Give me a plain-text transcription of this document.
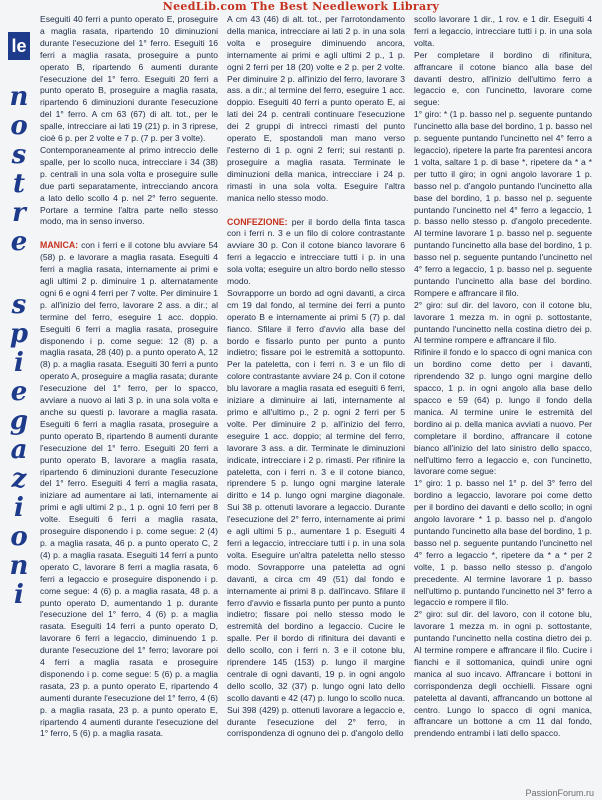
NeedLib.com The Best Needlework Library
le
n
o
s
t
r
e
s
p
i
e
g
a
z
i
o
n
i

Eseguiti 40 ferri a punto operato E, proseguire a maglia rasata, ripartendo 10 diminuzioni durante l'esecuzione del 1° ferro. Eseguiti 16 ferri a maglia rasata, proseguire a punto operato B, ripartendo 6 aumenti durante l'esecuzione del 1° ferro. Eseguiti 20 ferri a punto operato B, proseguire a maglia rasata, ripartendo 6 diminuzioni durante l'esecuzione del 1° ferro. A cm 63 (67) di alt. tot., per le spalle, intrecciare ai lati 19 (21) p. in 3 riprese, cioè 6 p. per 2 volte e 7 p. (7 p. per 3 volte).

Contemporaneamente al primo intreccio delle spalle, per lo scollo nuca, intrecciare i 34 (38) p. centrali in una sola volta e proseguire sulle due parti separatamente, intrecciando ancora a lato dello scollo 4 p. nel 2° ferro seguente. Portare a termine l'altra parte nello stesso modo, ma in senso inverso.

MANICA: con i ferri e il cotone blu avviare 54 (58) p. e lavorare a maglia rasata. Eseguiti 4 ferri a maglia rasata, internamente ai primi e agli ultimi 2 p. diminuire 1 p. alternatamente ogni 6 e ogni 4 ferri per 7 volte. Per diminuire 1 p. all'inizio del ferro, lavorare 2 ass. a dir.; al termine del ferro, eseguire 1 acc. doppio. Eseguiti 6 ferri a maglia rasata, proseguire disponendo i p. come segue: 12 (8) p. a maglia rasata, 28 (40) p. a punto operato A, 12 (8) p. a maglia rasata. Eseguiti 30 ferri a punto operato A, proseguire a maglia rasata; durante l'esecuzione del 1° ferro, per lo spacco, avviare a nuovo ai lati 3 p. in una sola volta e anche su questi p. lavorare a maglia rasata. Eseguiti 6 ferri a maglia rasata, proseguire a punto operato B, ripartendo 8 aumenti durante l'esecuzione del 1° ferro. Eseguiti 20 ferri a punto operato B, lavorare a maglia rasata, ripartendo 6 diminuzioni durante l'esecuzione del 1° ferro. Eseguiti 4 ferri a maglia rasata, iniziare ad aumentare ai lati, internamente ai primi e agli ultimi 2 p., 1 p. ogni 10 ferri per 8 volte. Eseguiti 6 ferri a maglia rasata, proseguire disponendo i p. come segue: 2 (4) p. a maglia rasata, 46 p. a punto operato C, 2 (4) p. a maglia rasata. Eseguiti 14 ferri a punto operato C, lavorare 8 ferri a maglia rasata, 6 ferri a legaccio e proseguire disponendo i p. come segue: 4 (6) p. a maglia rasata, 48 p. a punto operato D, aumentando 1 p. durante l'esecuzione del 1° ferro, 4 (6) p. a maglia rasata. Eseguiti 14 ferri a punto operato D, lavorare 6 ferri a legaccio, diminuendo 1 p. durante l'esecuzione del 1° ferro; lavorare poi 4 ferri a maglia rasata e proseguire disponendo i p. come segue: 5 (6) p. a maglia rasata, 23 p. a punto operato E, ripartendo 4 aumenti durante l'esecuzione del 1° ferro, 4 (6) p. a maglia rasata, 23 p. a punto operato E, ripartendo 4 aumenti durante l'esecuzione del 1° ferro, 5 (6) p. a maglia rasata.

A cm 43 (46) di alt. tot., per l'arrotondamento della manica, intrecciare ai lati 2 p. in una sola volta e proseguire diminuendo ancora, internamente ai primi e agli ultimi 2 p., 1 p. ogni 2 ferri per 18 (20) volte e 2 p. per 2 volte. Per diminuire 2 p. all'inizio del ferro, lavorare 3 ass. a dir.; al termine del ferro, eseguire 1 acc. doppio. Eseguiti 40 ferri a punto operato E, ai lati dei 24 p. centrali continuare l'esecuzione dei 2 gruppi di intrecci rimasti del punto operato E, spostandoli man mano verso l'esterno di 1 p. ogni 2 ferri; sui restanti p. proseguire a maglia rasata. Terminate le diminuzioni della manica, intrecciare i 24 p. rimasti in una sola volta. Eseguire l'altra manica nello stesso modo.

CONFEZIONE: per il bordo della finta tasca con i ferri n. 3 e un filo di colore contrastante avviare 30 p. Con il cotone bianco lavorare 6 ferri a legaccio e intrecciare tutti i p. in una sola volta; eseguire un altro bordo nello stesso modo.

Sovrapporre un bordo ad ogni davanti, a circa cm 19 dal fondo, al termine dei ferri a punto operato B e internamente ai primi 5 (7) p. dal fianco. Sfilare il ferro d'avvio alla base del bordo e fissarlo punto per punto a punto indietro; fissare poi le estremità a sottopunto. Per la pateletta, con i ferri n. 3 e un filo di colore contrastante avviare 24 p. Con il cotone blu lavorare a maglia rasata ed eseguiti 6 ferri, iniziare a diminuire ai lati, internamente al primo e all'ultimo p., 2 p. ogni 2 ferri per 5 volte. Per diminuire 2 p. all'inizio del ferro, eseguire 1 acc. doppio; al termine del ferro, lavorare 3 ass. a dir. Terminate le diminuzioni indicate, intrecciare i 2 p. rimasti. Per rifinire la pateletta, con i ferri n. 3 e il cotone bianco, riprendere 5 p. lungo ogni margine laterale diritto e 14 p. lungo ogni margine diagonale. Sui 38 p. ottenuti lavorare a legaccio. Durante l'esecuzione del 2° ferro, internamente ai primi e agli ultimi 5 p., aumentare 1 p. Eseguiti 4 ferri a legaccio, intrecciare tutti i p. in una sola volta. Eseguire un'altra pateletta nello stesso modo. Sovrapporre una pateletta ad ogni davanti, a circa cm 49 (51) dal fondo e internamente ai primi 8 p. dall'incavo. Sfilare il ferro d'avvio e fissarla punto per punto a punto indietro; fissare poi nello stesso modo le estremità del bordino a legaccio. Cucire le spalle. Per il bordo di rifinitura dei davanti e dello scollo, con i ferri n. 3 e il cotone blu, riprendere 145 (153) p. lungo il margine centrale di ogni davanti, 19 p. in ogni angolo dello scollo, 32 (37) p. lungo ogni lato dello scollo davanti e 42 (47) p. lungo lo scollo nuca. Sui 398 (429) p. ottenuti lavorare a legaccio e, durante l'esecuzione del 2° ferro, in corrispondenza di ognuno dei p. d'angolo dello

scollo lavorare 1 dir., 1 rov. e 1 dir. Eseguiti 4 ferri a legaccio, intrecciare tutti i p. in una sola volta.

Per completare il bordino di rifinitura, affrancare il cotone bianco alla base del davanti destro, all'inizio dell'ultimo ferro a legaccio e, con l'uncinetto, lavorare come segue:

1° giro: * (1 p. basso nel p. seguente puntando l'uncinetto alla base del bordino, 1 p. basso nel p. seguente puntando l'uncinetto nel 4° ferro a legaccio), ripetere la parte fra parentesi ancora 1 volta, saltare 1 p. di base *, ripetere da * a * per tutto il giro; in ogni angolo lavorare 1 p. basso nel p. d'angolo puntando l'uncinetto alla base del bordino, 1 p. basso nel p. seguente puntando l'uncinetto nel 4° ferro a legaccio, 1 p. basso nello stesso p. d'angolo precedente. Al termine lavorare 1 p. basso nel p. seguente puntando l'uncinetto alla base del bordino, 1 p. basso nel p. seguente puntando l'uncinetto nel 4° ferro a legaccio, 1 p. basso nel p. seguente puntando l'uncinetto alla base del bordino. Rompere e affrancare il filo.

2° giro: sul dir. del lavoro, con il cotone blu, lavorare 1 mezza m. in ogni p. sottostante, puntando l'uncinetto nella costina dietro dei p. Al termine rompere e affrancare il filo.

Rifinire il fondo e lo spacco di ogni manica con un bordino come detto per i davanti, riprendendo 32 p. lungo ogni margine dello spacco, 1 p. in ogni angolo alla base dello spacco e 59 (64) p. lungo il fondo della manica. Al termine unire le estremità del bordino ai p. della manica avviati a nuovo. Per completare il bordino, affrancare il cotone bianco all'inizio del lato sinistro dello spacco, nell'ultimo ferro a legaccio e, con l'uncinetto, lavorare come segue:

1° giro: 1 p. basso nel 1° p. del 3° ferro del bordino a legaccio, lavorare poi come detto per il bordino dei davanti e dello scollo; in ogni angolo lavorare * 1 p. basso nel p. d'angolo puntando l'uncinetto alla base del bordino, 1 p. basso nel p. seguente puntando l'uncinetto nel 4° ferro a legaccio *, ripetere da * a * per 2 volte, 1 p. basso nello stesso p. d'angolo precedente. Al termine lavorare 1 p. basso nell'ultimo p. puntando l'uncinetto nel 3° ferro a legaccio e rompere il filo.

2° giro: sul dir. del lavoro, con il cotone blu, lavorare 1 mezza m. in ogni p. sottostante, puntando l'uncinetto nella costina dietro dei p. Al termine rompere e affrancare il filo. Cucire i fianchi e il sottomanica, quindi unire ogni manica al suo incavo. Affrancare i bottoni in corrispondenza degli occhielli. Fissare ogni pateletta al davanti, affrancando un bottone al centro. Lungo lo spacco di ogni manica, affrancare un bottone a cm 11 dal fondo, prendendo entrambi i lati dello spacco.

PassionForum.ru
